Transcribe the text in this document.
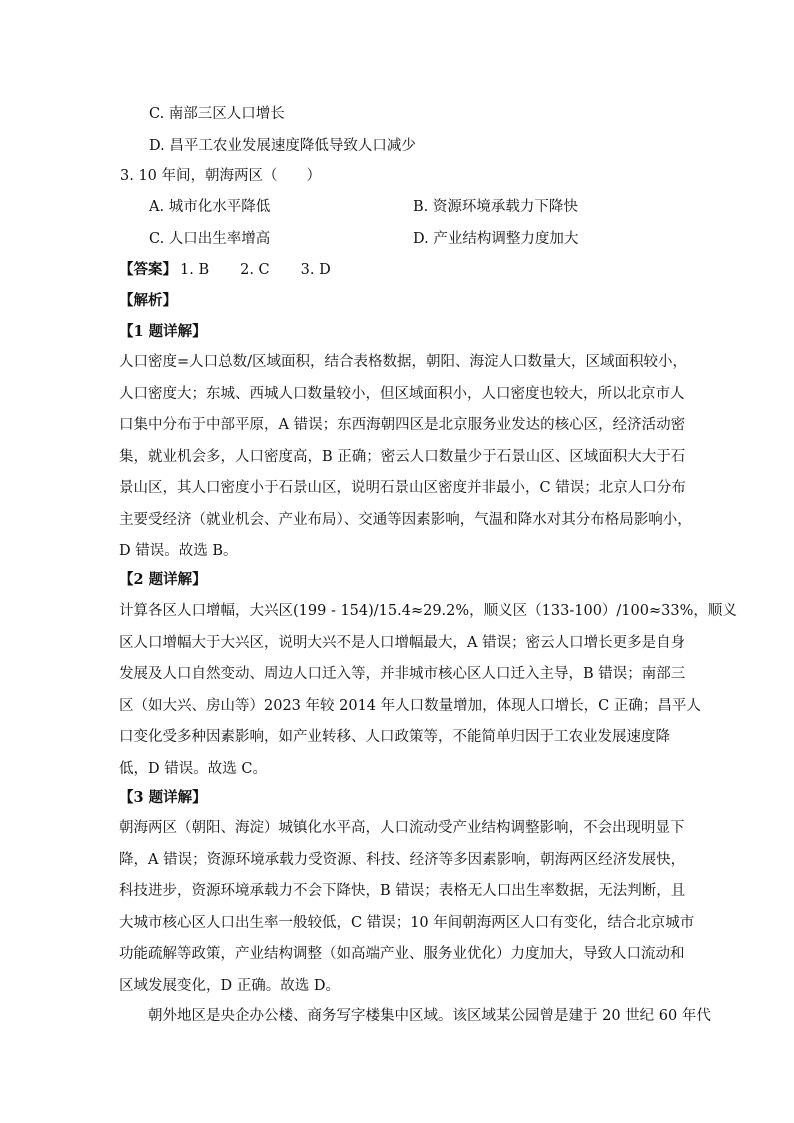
C. 南部三区人口增长
D. 昌平工农业发展速度降低导致人口减少
3. 10 年间，朝海两区（　　）
A. 城市化水平降低	B. 资源环境承载力下降快
C. 人口出生率增高	D. 产业结构调整力度加大
【答案】 1. B 2. C 3. D
【解析】
【1 题详解】
人口密度=人口总数/区域面积，结合表格数据，朝阳、海淀人口数量大，区域面积较小，
人口密度大；东城、西城人口数量较小，但区域面积小，人口密度也较大，所以北京市人
口集中分布于中部平原，A 错误；东西海朝四区是北京服务业发达的核心区，经济活动密
集，就业机会多，人口密度高，B 正确；密云人口数量少于石景山区、区域面积大大于石
景山区，其人口密度小于石景山区，说明石景山区密度并非最小，C 错误；北京人口分布
主要受经济（就业机会、产业布局）、交通等因素影响，气温和降水对其分布格局影响小，
D 错误。故选 B。
【2 题详解】
计算各区人口增幅，大兴区(199 - 154)/15.4≈29.2%，顺义区（133-100）/100≈33%，顺义
区人口增幅大于大兴区，说明大兴不是人口增幅最大，A 错误；密云人口增长更多是自身
发展及人口自然变动、周边人口迁入等，并非城市核心区人口迁入主导，B 错误；南部三
区（如大兴、房山等）2023 年较 2014 年人口数量增加，体现人口增长，C 正确；昌平人
口变化受多种因素影响，如产业转移、人口政策等，不能简单归因于工农业发展速度降
低，D 错误。故选 C。
【3 题详解】
朝海两区（朝阳、海淀）城镇化水平高，人口流动受产业结构调整影响，不会出现明显下
降，A 错误；资源环境承载力受资源、科技、经济等多因素影响，朝海两区经济发展快，
科技进步，资源环境承载力不会下降快，B 错误；表格无人口出生率数据，无法判断，且
大城市核心区人口出生率一般较低，C 错误；10 年间朝海两区人口有变化，结合北京城市
功能疏解等政策，产业结构调整（如高端产业、服务业优化）力度加大，导致人口流动和
区域发展变化，D 正确。故选 D。
朝外地区是央企办公楼、商务写字楼集中区域。该区域某公园曾是建于 20 世纪 60 年代
